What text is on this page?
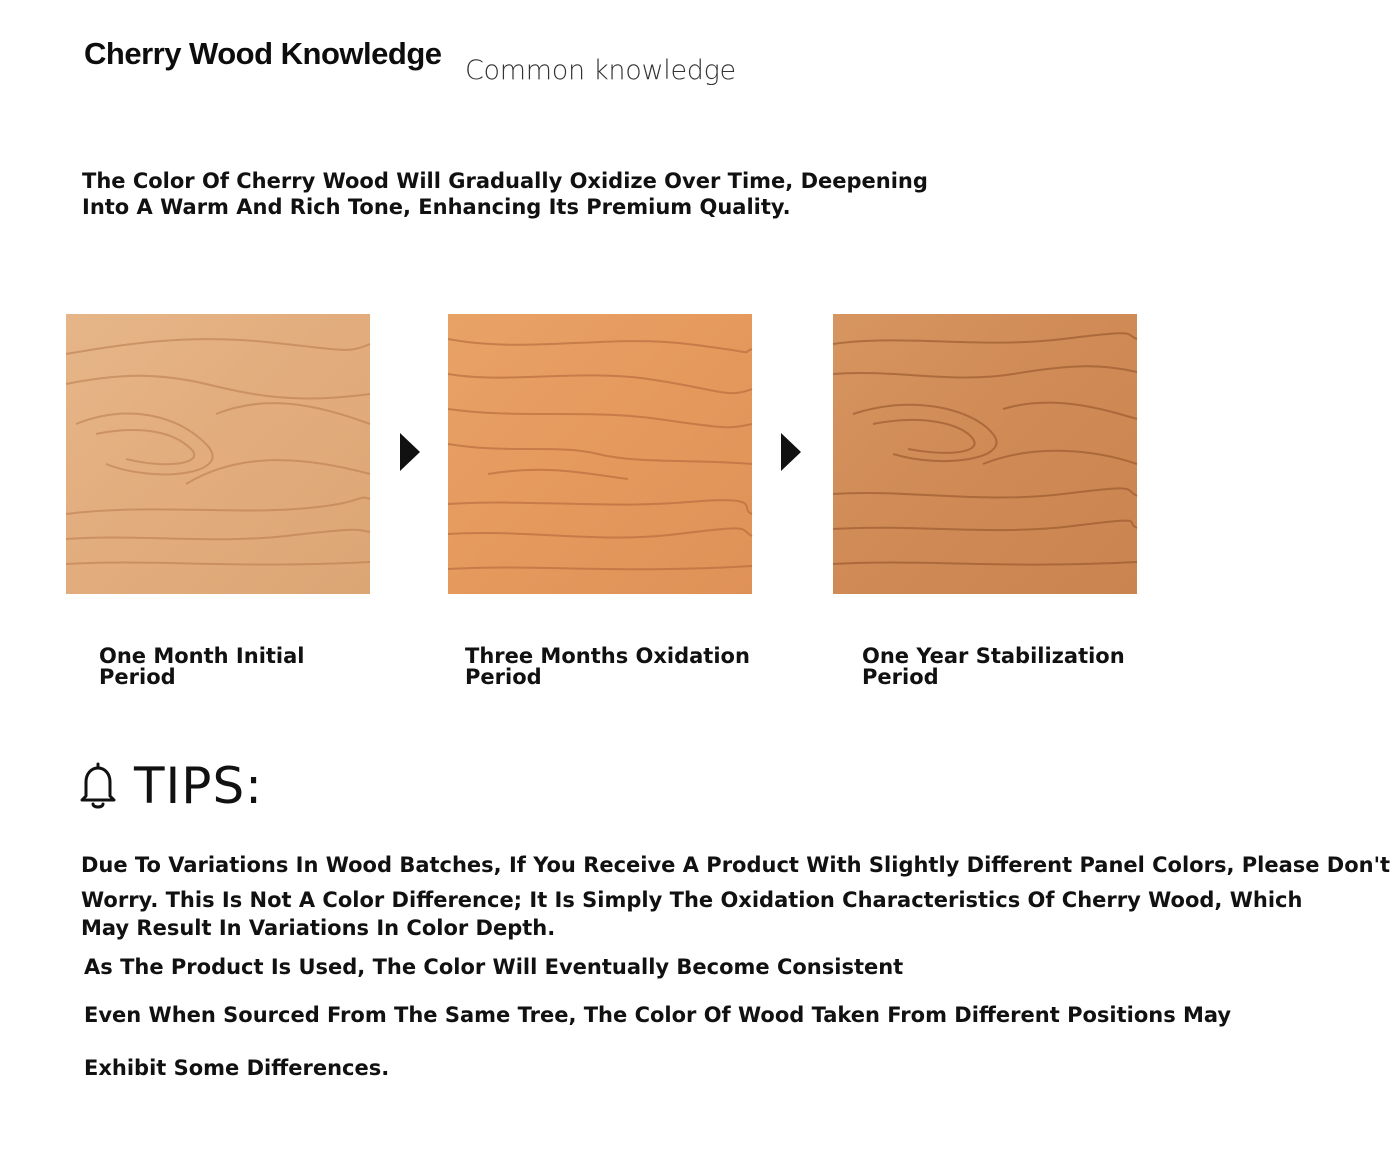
Cherry Wood Knowledge Common knowledge
The Color Of Cherry Wood Will Gradually Oxidize Over Time, Deepening Into A Warm And Rich Tone, Enhancing Its Premium Quality.
One Month Initial Period
Three Months Oxidation Period
One Year Stabilization Period
TIPS:
Due To Variations In Wood Batches, If You Receive A Product With Slightly Different Panel Colors, Please Don't
Worry. This Is Not A Color Difference; It Is Simply The Oxidation Characteristics Of Cherry Wood, Which
May Result In Variations In Color Depth.
As The Product Is Used, The Color Will Eventually Become Consistent
Even When Sourced From The Same Tree, The Color Of Wood Taken From Different Positions May
Exhibit Some Differences.
